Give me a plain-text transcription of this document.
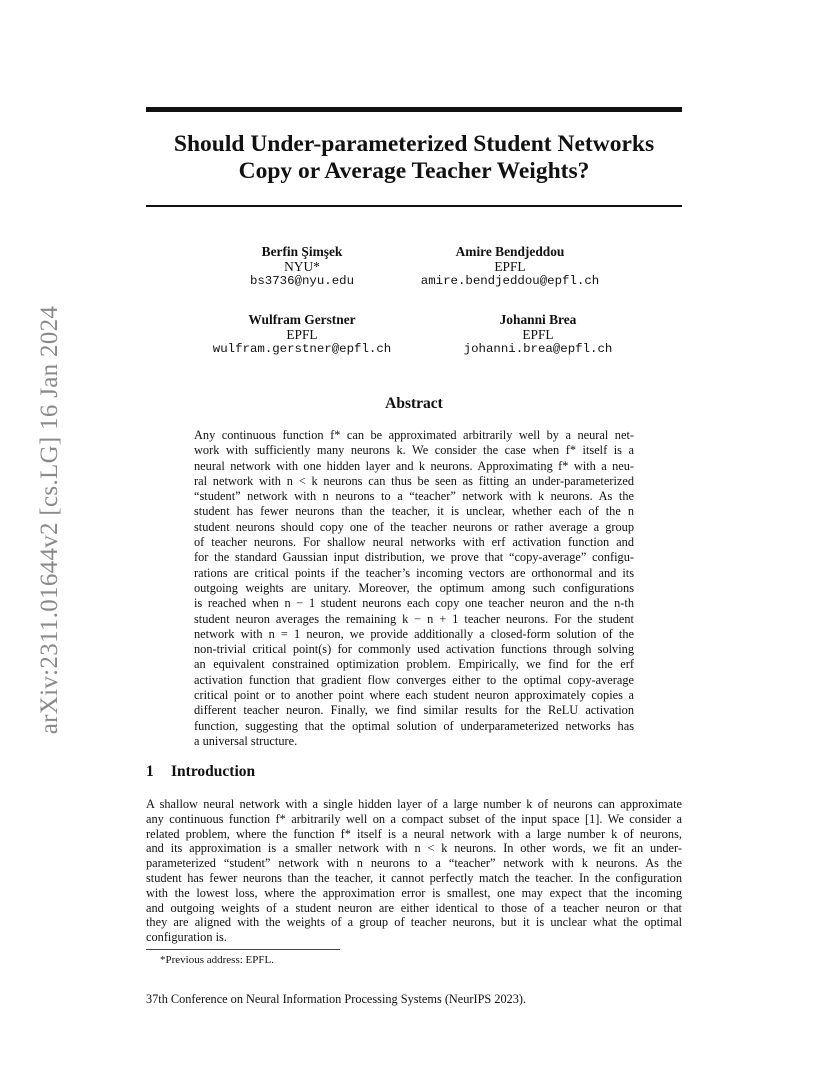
Should Under-parameterized Student Networks
Copy or Average Teacher Weights?
arXiv:2311.01644v2 [cs.LG] 16 Jan 2024
Berfin Şimşek
NYU*
bs3736@nyu.edu
Amire Bendjeddou
EPFL
amire.bendjeddou@epfl.ch
Wulfram Gerstner
EPFL
wulfram.gerstner@epfl.ch
Johanni Brea
EPFL
johanni.brea@epfl.ch
Abstract
Any continuous function f* can be approximated arbitrarily well by a neural net-
work with sufficiently many neurons k. We consider the case when f* itself is a
neural network with one hidden layer and k neurons. Approximating f* with a neu-
ral network with n < k neurons can thus be seen as fitting an under-parameterized
“student” network with n neurons to a “teacher” network with k neurons. As the
student has fewer neurons than the teacher, it is unclear, whether each of the n
student neurons should copy one of the teacher neurons or rather average a group
of teacher neurons. For shallow neural networks with erf activation function and
for the standard Gaussian input distribution, we prove that “copy-average” configu-
rations are critical points if the teacher’s incoming vectors are orthonormal and its
outgoing weights are unitary. Moreover, the optimum among such configurations
is reached when n − 1 student neurons each copy one teacher neuron and the n-th
student neuron averages the remaining k − n + 1 teacher neurons. For the student
network with n = 1 neuron, we provide additionally a closed-form solution of the
non-trivial critical point(s) for commonly used activation functions through solving
an equivalent constrained optimization problem. Empirically, we find for the erf
activation function that gradient flow converges either to the optimal copy-average
critical point or to another point where each student neuron approximately copies a
different teacher neuron. Finally, we find similar results for the ReLU activation
function, suggesting that the optimal solution of underparameterized networks has
a universal structure.
1 Introduction
A shallow neural network with a single hidden layer of a large number k of neurons can approximate
any continuous function f* arbitrarily well on a compact subset of the input space [1]. We consider a
related problem, where the function f* itself is a neural network with a large number k of neurons,
and its approximation is a smaller network with n < k neurons. In other words, we fit an under-
parameterized “student” network with n neurons to a “teacher” network with k neurons. As the
student has fewer neurons than the teacher, it cannot perfectly match the teacher. In the configuration
with the lowest loss, where the approximation error is smallest, one may expect that the incoming
and outgoing weights of a student neuron are either identical to those of a teacher neuron or that
they are aligned with the weights of a group of teacher neurons, but it is unclear what the optimal
configuration is.
*Previous address: EPFL.
37th Conference on Neural Information Processing Systems (NeurIPS 2023).
